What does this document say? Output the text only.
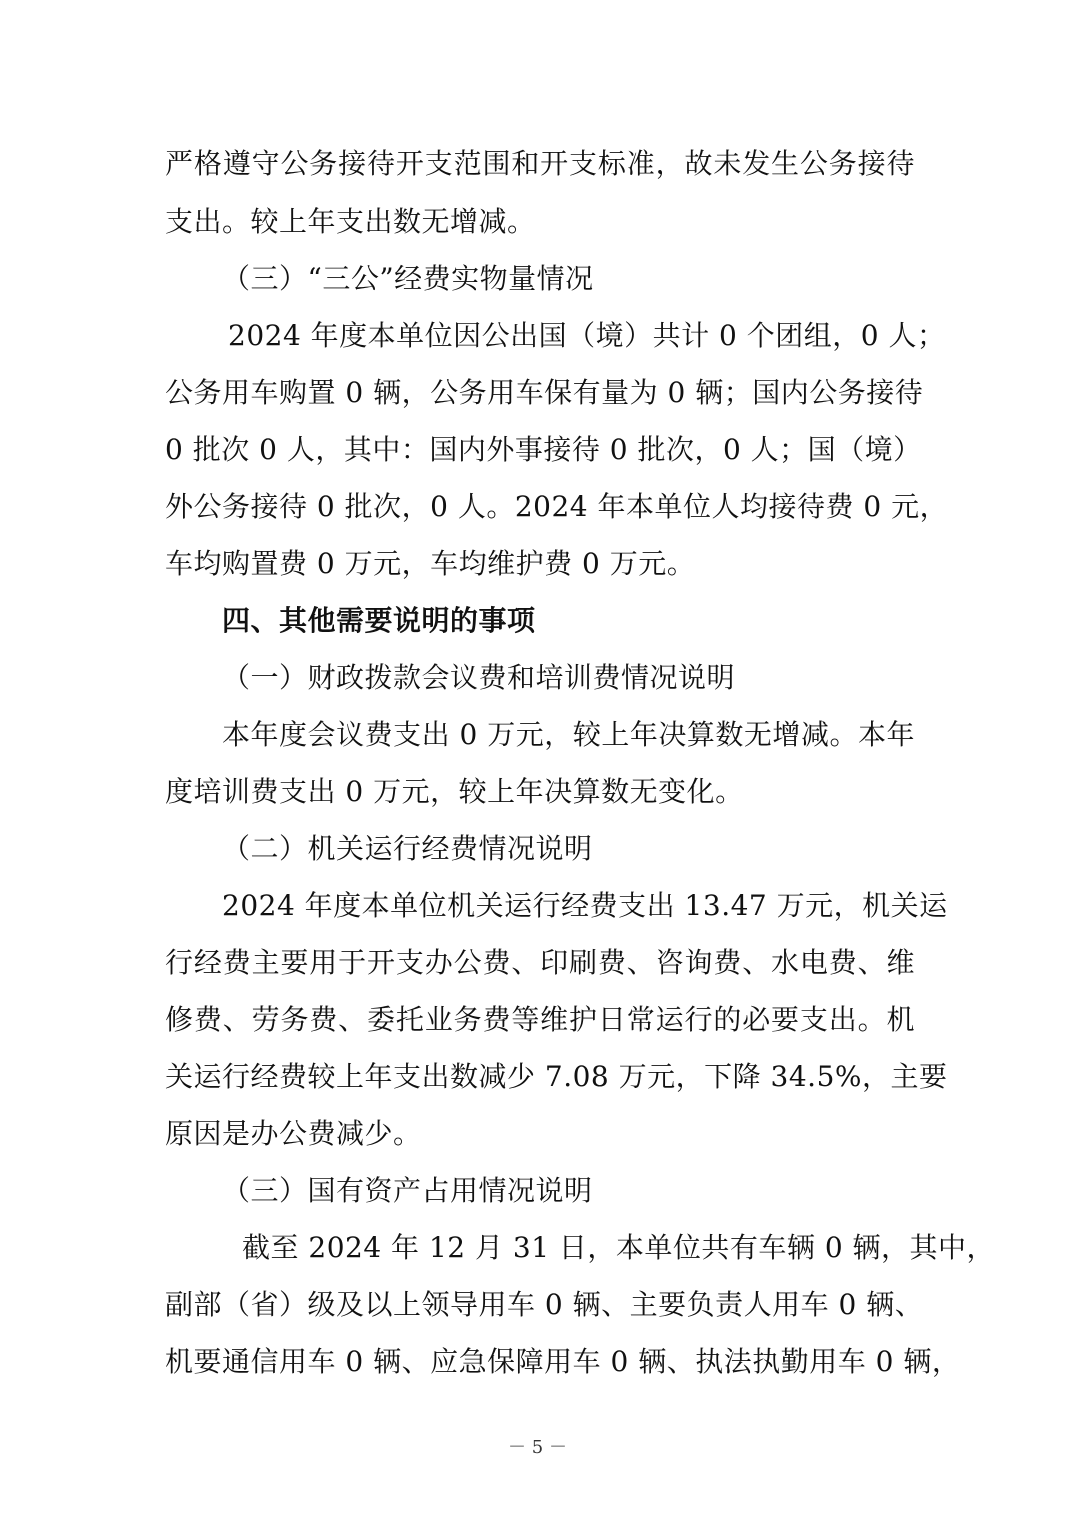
严格遵守公务接待开支范围和开支标准，故未发生公务接待
支出。较上年支出数无增减。
（三）“三公”经费实物量情况
2024 年度本单位因公出国（境）共计 0 个团组，0 人；
公务用车购置 0 辆，公务用车保有量为 0 辆；国内公务接待
0 批次 0 人，其中：国内外事接待 0 批次，0 人；国（境）
外公务接待 0 批次，0 人。2024 年本单位人均接待费 0 元，
车均购置费 0 万元，车均维护费 0 万元。
四、其他需要说明的事项
（一）财政拨款会议费和培训费情况说明
本年度会议费支出 0 万元，较上年决算数无增减。本年
度培训费支出 0 万元，较上年决算数无变化。
（二）机关运行经费情况说明
2024 年度本单位机关运行经费支出 13.47 万元，机关运
行经费主要用于开支办公费、印刷费、咨询费、水电费、维
修费、劳务费、委托业务费等维护日常运行的必要支出。机
关运行经费较上年支出数减少 7.08 万元，下降 34.5%，主要
原因是办公费减少。
（三）国有资产占用情况说明
截至 2024 年 12 月 31 日，本单位共有车辆 0 辆，其中，
副部（省）级及以上领导用车 0 辆、主要负责人用车 0 辆、
机要通信用车 0 辆、应急保障用车 0 辆、执法执勤用车 0 辆，
－ 5 －
